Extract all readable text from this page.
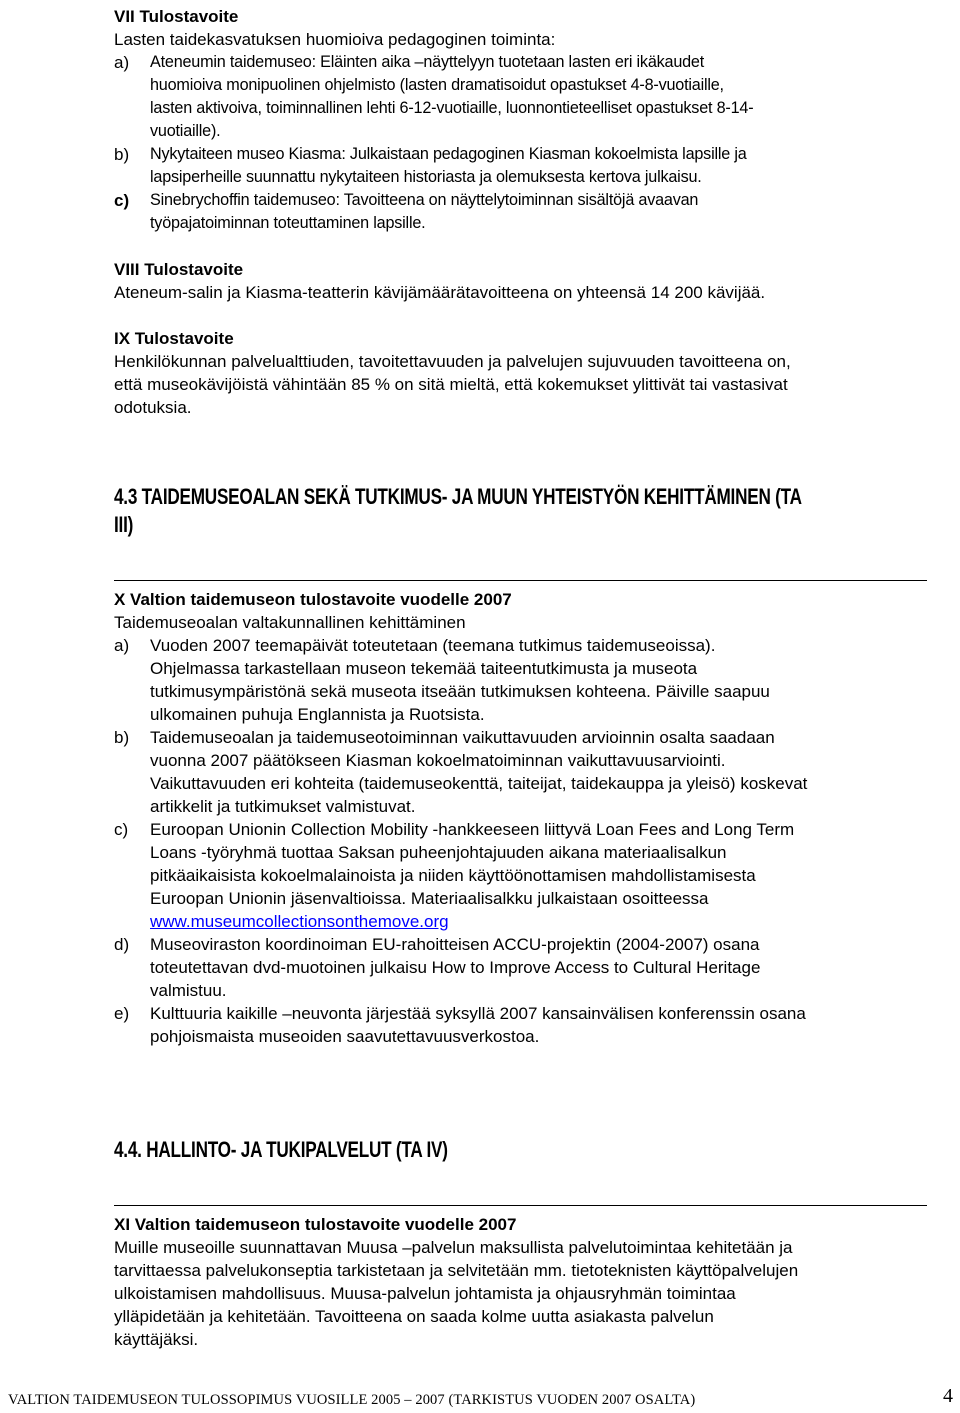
VII Tulostavoite
Lasten taidekasvatuksen huomioiva pedagoginen toiminta:
a) Ateneumin taidemuseo: Eläinten aika –näyttelyyn tuotetaan lasten eri ikäkaudet
huomioiva monipuolinen ohjelmisto (lasten dramatisoidut opastukset 4-8-vuotiaille,
lasten aktivoiva, toiminnallinen lehti 6-12-vuotiaille, luonnontieteelliset opastukset 8-14-
vuotiaille).
b) Nykytaiteen museo Kiasma: Julkaistaan pedagoginen Kiasman kokoelmista lapsille ja
lapsiperheille suunnattu nykytaiteen historiasta ja olemuksesta kertova julkaisu.
c) Sinebrychoffin taidemuseo: Tavoitteena on näyttelytoiminnan sisältöjä avaavan
työpajatoiminnan toteuttaminen lapsille.
VIII Tulostavoite
Ateneum-salin ja Kiasma-teatterin kävijämäärätavoitteena on yhteensä 14 200 kävijää.
IX Tulostavoite
Henkilökunnan palvelualttiuden, tavoitettavuuden ja palvelujen sujuvuuden tavoitteena on,
että museokävijöistä vähintään 85 % on sitä mieltä, että kokemukset ylittivät tai vastasivat
odotuksia.
4.3 TAIDEMUSEOALAN SEKÄ TUTKIMUS- JA MUUN YHTEISTYÖN KEHITTÄMINEN (TA
III)
X Valtion taidemuseon tulostavoite vuodelle 2007
Taidemuseoalan valtakunnallinen kehittäminen
a) Vuoden 2007 teemapäivät toteutetaan (teemana tutkimus taidemuseoissa).
Ohjelmassa tarkastellaan museon tekemää taiteentutkimusta ja museota
tutkimusympäristönä sekä museota itseään tutkimuksen kohteena. Päiville saapuu
ulkomainen puhuja Englannista ja Ruotsista.
b) Taidemuseoalan ja taidemuseotoiminnan vaikuttavuuden arvioinnin osalta saadaan
vuonna 2007 päätökseen Kiasman kokoelmatoiminnan vaikuttavuusarviointi.
Vaikuttavuuden eri kohteita (taidemuseokenttä, taiteijat, taidekauppa ja yleisö) koskevat
artikkelit ja tutkimukset valmistuvat.
c) Euroopan Unionin Collection Mobility -hankkeeseen liittyvä Loan Fees and Long Term
Loans -työryhmä tuottaa Saksan puheenjohtajuuden aikana materiaalisalkun
pitkäaikaisista kokoelmalainoista ja niiden käyttöönottamisen mahdollistamisesta
Euroopan Unionin jäsenvaltioissa. Materiaalisalkku julkaistaan osoitteessa
www.museumcollectionsonthemove.org
d) Museoviraston koordinoiman EU-rahoitteisen ACCU-projektin (2004-2007) osana
toteutettavan dvd-muotoinen julkaisu How to Improve Access to Cultural Heritage
valmistuu.
e) Kulttuuria kaikille –neuvonta järjestää syksyllä 2007 kansainvälisen konferenssin osana
pohjoismaista museoiden saavutettavuusverkostoa.
4.4. HALLINTO- JA TUKIPALVELUT (TA IV)
XI Valtion taidemuseon tulostavoite vuodelle 2007
Muille museoille suunnattavan Muusa –palvelun maksullista palvelutoimintaa kehitetään ja
tarvittaessa palvelukonseptia tarkistetaan ja selvitetään mm. tietoteknisten käyttöpalvelujen
ulkoistamisen mahdollisuus. Muusa-palvelun johtamista ja ohjausryhmän toimintaa
ylläpidetään ja kehitetään. Tavoitteena on saada kolme uutta asiakasta palvelun
käyttäjäksi.
VALTION TAIDEMUSEON TULOSSOPIMUS VUOSILLE 2005 – 2007 (TARKISTUS VUODEN 2007 OSALTA)	4
